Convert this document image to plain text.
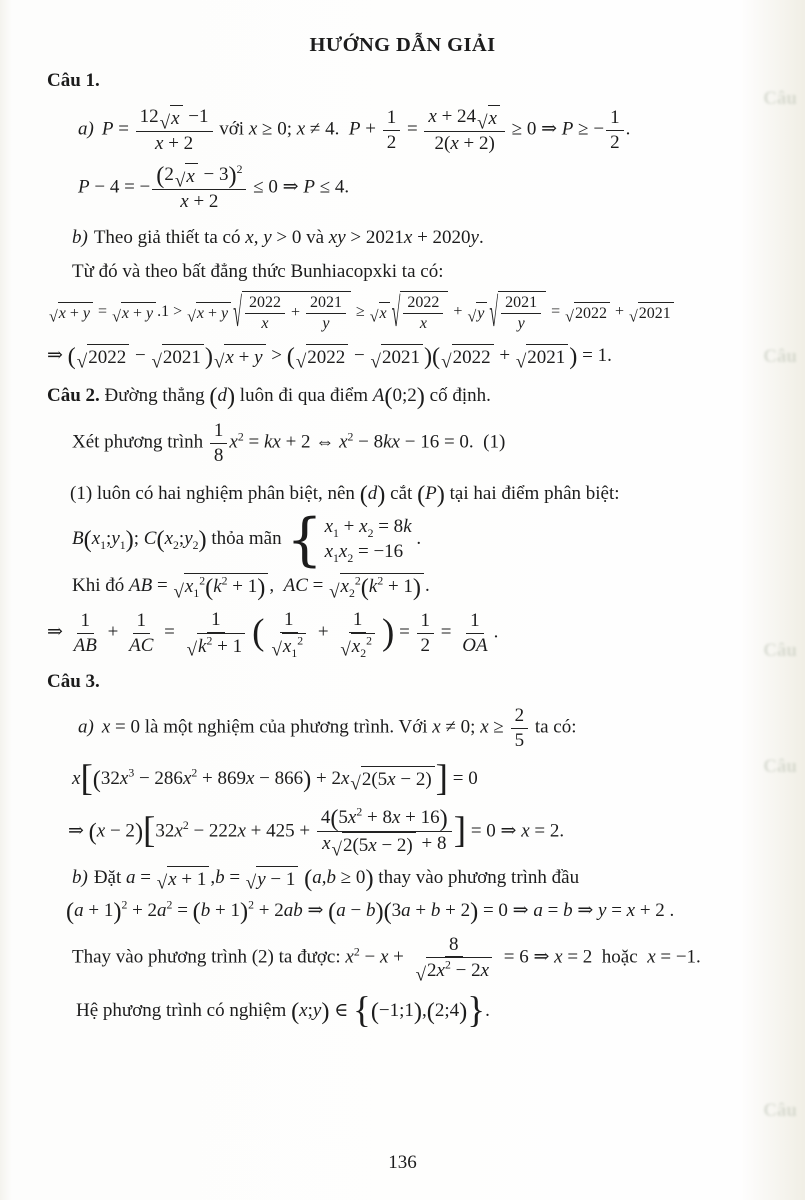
HƯỚNG DẪN GIẢI
Câu 1.
a) $P = \frac{12 √ x -1}{x + 2}$ với x ≥ 0; x ≠ 4.  $P + \frac{1}{2} = \frac{x + 24 √ x}{2(x + 2)} \ge 0$ ⇒ P ≥ − $\frac{1}{2}$ .
P − 4 = − $\frac{(2 √ x - 3)^2}{x + 2} \le 0$ ⇒ P ≤ 4.
b) Theo giả thiết ta có x, y > 0 và xy > 2021x + 2020y.
Từ đó và theo bất đẳng thức Bunhiacopxki ta có:
√ x + y = √ x + y .1 > √ x + y √ $\frac{2022}{x} + \frac{2021}{y}$ ≥ √ x √ $\frac{2022}{x}$ + √ y √ $\frac{2021}{y}$ = √ 2022 + √ 2021
⇒ ( √ 2022 − √ 2021 ) √ x + y > ( √ 2022 − √ 2021 )( √ 2022 + √ 2021 ) = 1.
Câu 2. Đường thẳng (d) luôn đi qua điểm A(0;2) cố định.
Xét phương trình $\frac{1}{8} x^2$ = kx + 2 ⇔ $x^2 - 8kx - 16 = 0$.  (1)
(1) luôn có hai nghiệm phân biệt, nên (d) cắt (P) tại hai điểm phân biệt:
$B(x_1;y_1)$; $C(x_2;y_2)$ thỏa mãn { $x_1 + x_2 = 8k$
$x_1x_2 = -16$
.
Khi đó AB = √ $x_1^2(k^2 + 1)$ ,  AC = √ $x_2^2(k^2 + 1)$ .
⇒ $\frac{1}{AB} + \frac{1}{AC} = \frac{1}{√ k^2 + 1}$ ( $\frac{1}{√ x_1^2} + \frac{1}{√ x_2^2}$ ) = $\frac{1}{2} = \frac{1}{OA}$ .
Câu 3.
a) x = 0 là một nghiệm của phương trình. Với x ≠ 0; $x \ge \frac{2}{5}$ ta có:
$x[(32x^3 - 286x^2 + 869x - 866) + 2x$ √ 2(5x − 2) ] = 0
⇒ $(x - 2)[32x^2 - 222x + 425 + \frac{4(5x^2 + 8x + 16)}{x √ 2(5x - 2) + 8}$ ] = 0 ⇒ x = 2.
b) Đặt a = √ x + 1 ,b = √ y − 1 (a,b ≥ 0) thay vào phương trình đầu
$(a + 1)^2 + 2a^2 = (b + 1)^2 + 2ab$ ⇒ (a − b)(3a + b + 2) = 0 ⇒ a = b ⇒ y = x + 2 .
Thay vào phương trình (2) ta được: $x^2 - x + \frac{8}{√ 2x^2 - 2x} = 6$ ⇒ x = 2  hoặc  x = −1.
Hệ phương trình có nghiệm (x;y) ∈ {(−1;1),(2;4)}.
136
Câu
Câu
Câu
Câu
Câu
